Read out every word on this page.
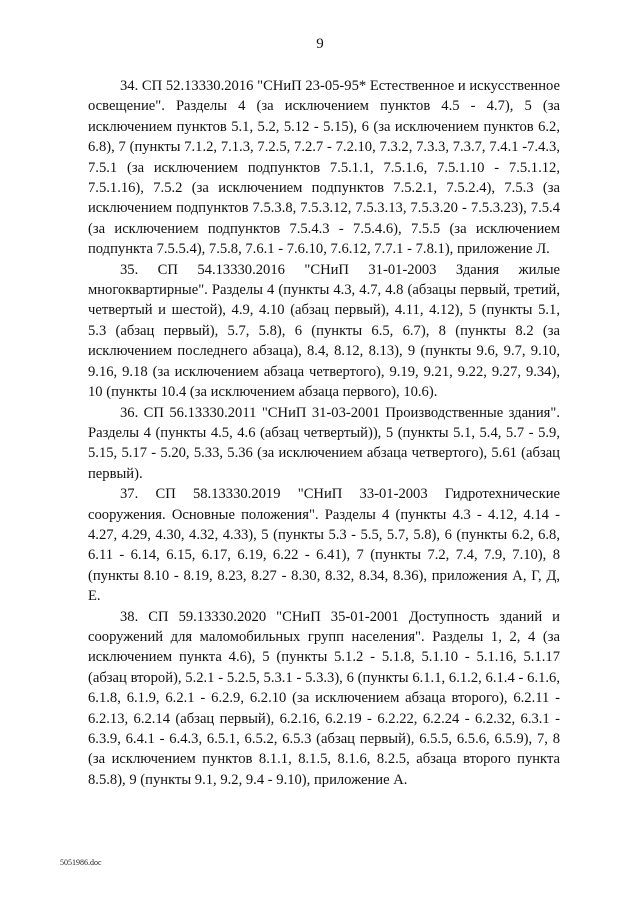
9

34. СП 52.13330.2016 "СНиП 23-05-95* Естественное и искусственное освещение". Разделы 4 (за исключением пунктов 4.5 - 4.7), 5 (за исключением пунктов 5.1, 5.2, 5.12 - 5.15), 6 (за исключением пунктов 6.2, 6.8), 7 (пункты 7.1.2, 7.1.3, 7.2.5, 7.2.7 - 7.2.10, 7.3.2, 7.3.3, 7.3.7, 7.4.1 -7.4.3, 7.5.1 (за исключением подпунктов 7.5.1.1, 7.5.1.6, 7.5.1.10 - 7.5.1.12, 7.5.1.16), 7.5.2 (за исключением подпунктов 7.5.2.1, 7.5.2.4), 7.5.3 (за исключением подпунктов 7.5.3.8, 7.5.3.12, 7.5.3.13, 7.5.3.20 - 7.5.3.23), 7.5.4 (за исключением подпунктов 7.5.4.3 - 7.5.4.6), 7.5.5 (за исключением подпункта 7.5.5.4), 7.5.8, 7.6.1 - 7.6.10, 7.6.12, 7.7.1 - 7.8.1), приложение Л.

35. СП 54.13330.2016 "СНиП 31-01-2003 Здания жилые многоквартирные". Разделы 4 (пункты 4.3, 4.7, 4.8 (абзацы первый, третий, четвертый и шестой), 4.9, 4.10 (абзац первый), 4.11, 4.12), 5 (пункты 5.1, 5.3 (абзац первый), 5.7, 5.8), 6 (пункты 6.5, 6.7), 8 (пункты 8.2 (за исключением последнего абзаца), 8.4, 8.12, 8.13), 9 (пункты 9.6, 9.7, 9.10, 9.16, 9.18 (за исключением абзаца четвертого), 9.19, 9.21, 9.22, 9.27, 9.34), 10 (пункты 10.4 (за исключением абзаца первого), 10.6).

36. СП 56.13330.2011 "СНиП 31-03-2001 Производственные здания". Разделы 4 (пункты 4.5, 4.6 (абзац четвертый)), 5 (пункты 5.1, 5.4, 5.7 - 5.9, 5.15, 5.17 - 5.20, 5.33, 5.36 (за исключением абзаца четвертого), 5.61 (абзац первый).

37. СП 58.13330.2019 "СНиП 33-01-2003 Гидротехнические сооружения. Основные положения". Разделы 4 (пункты 4.3 - 4.12, 4.14 - 4.27, 4.29, 4.30, 4.32, 4.33), 5 (пункты 5.3 - 5.5, 5.7, 5.8), 6 (пункты 6.2, 6.8, 6.11 - 6.14, 6.15, 6.17, 6.19, 6.22 - 6.41), 7 (пункты 7.2, 7.4, 7.9, 7.10), 8 (пункты 8.10 - 8.19, 8.23, 8.27 - 8.30, 8.32, 8.34, 8.36), приложения А, Г, Д, Е.

38. СП 59.13330.2020 "СНиП 35-01-2001 Доступность зданий и сооружений для маломобильных групп населения". Разделы 1, 2, 4 (за исключением пункта 4.6), 5 (пункты 5.1.2 - 5.1.8, 5.1.10 - 5.1.16, 5.1.17 (абзац второй), 5.2.1 - 5.2.5, 5.3.1 - 5.3.3), 6 (пункты 6.1.1, 6.1.2, 6.1.4 - 6.1.6, 6.1.8, 6.1.9, 6.2.1 - 6.2.9, 6.2.10 (за исключением абзаца второго), 6.2.11 - 6.2.13, 6.2.14 (абзац первый), 6.2.16, 6.2.19 - 6.2.22, 6.2.24 - 6.2.32, 6.3.1 - 6.3.9, 6.4.1 - 6.4.3, 6.5.1, 6.5.2, 6.5.3 (абзац первый), 6.5.5, 6.5.6, 6.5.9), 7, 8 (за исключением пунктов 8.1.1, 8.1.5, 8.1.6, 8.2.5, абзаца второго пункта 8.5.8), 9 (пункты 9.1, 9.2, 9.4 - 9.10), приложение А.

5051986.doc
